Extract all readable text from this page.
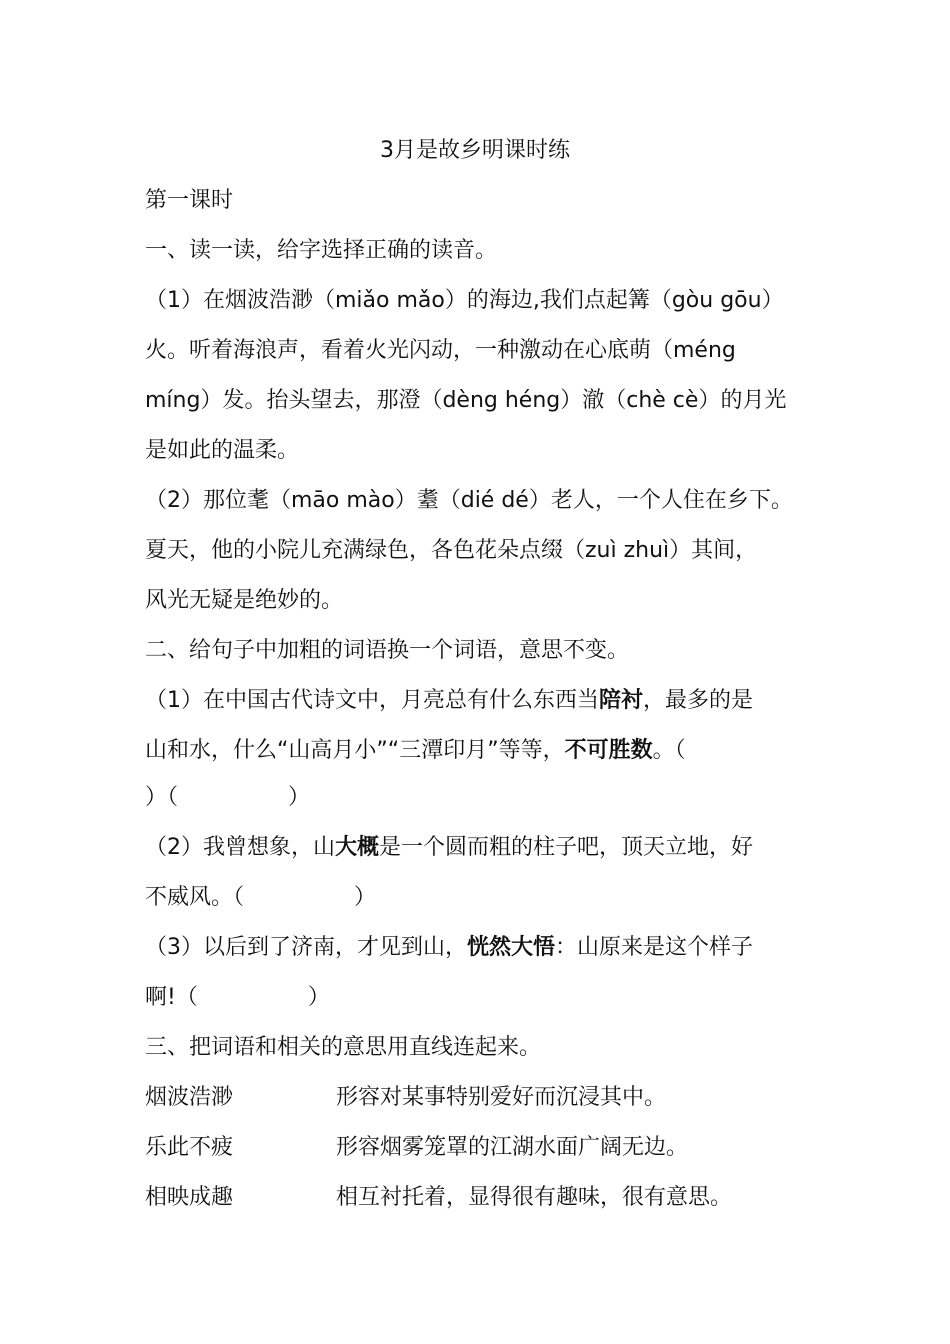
3月是故乡明课时练
第一课时
一、读一读，给字选择正确的读音。
（1）在烟波浩渺（miǎo mǎo）的海边,我们点起篝（gòu gōu）
火。听着海浪声，看着火光闪动，一种激动在心底萌（méng
míng）发。抬头望去，那澄（dèng héng）澈（chè cè）的月光
是如此的温柔。
（2）那位耄（māo mào）耋（dié dé）老人，一个人住在乡下。
夏天，他的小院儿充满绿色，各色花朵点缀（zuì zhuì）其间，
风光无疑是绝妙的。
二、给句子中加粗的词语换一个词语，意思不变。
（1）在中国古代诗文中，月亮总有什么东西当陪衬，最多的是
山和水，什么“山高月小”“三潭印月”等等，不可胜数。（
）（　　　　　）
（2）我曾想象，山大概是一个圆而粗的柱子吧，顶天立地，好
不威风。（　　　　　）
（3）以后到了济南，才见到山，恍然大悟：山原来是这个样子
啊!（　　　　　）
三、把词语和相关的意思用直线连起来。
烟波浩渺	形容对某事特别爱好而沉浸其中。
乐此不疲	形容烟雾笼罩的江湖水面广阔无边。
相映成趣	相互衬托着，显得很有趣味，很有意思。
